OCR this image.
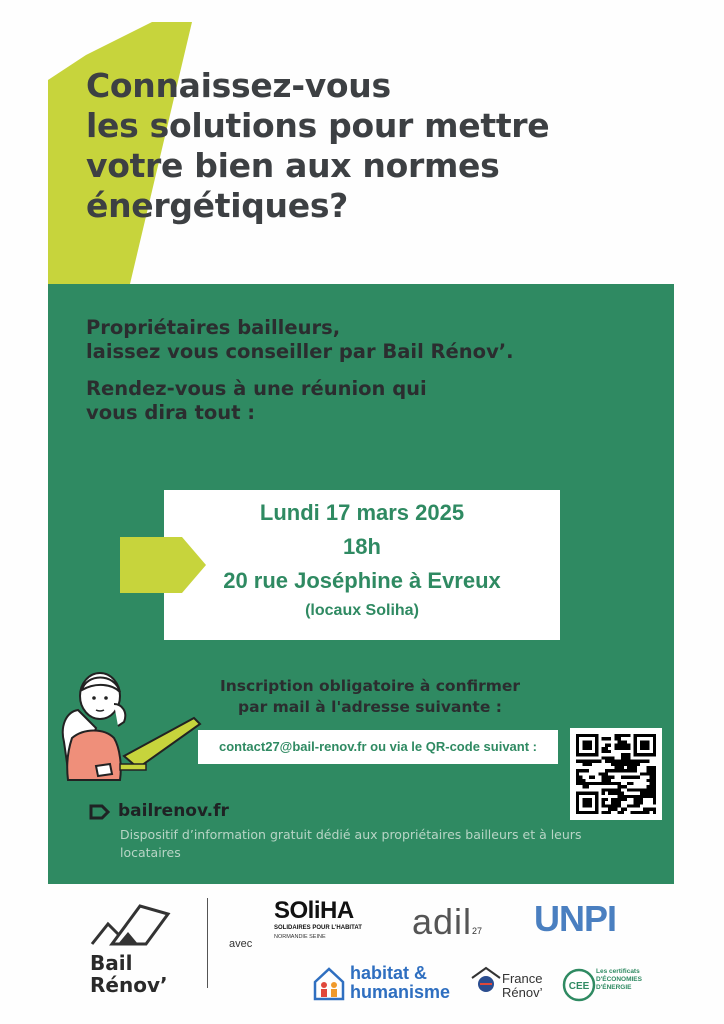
Connaissez-vous
les solutions pour mettre
votre bien aux normes
énergétiques?
Propriétaires bailleurs,
laissez vous conseiller par Bail Rénov’.
Rendez-vous à une réunion qui
vous dira tout :
Lundi 17 mars 2025
18h
20 rue Joséphine à Evreux
(locaux Soliha)
Inscription obligatoire à confirmer
par mail à l'adresse suivante :
contact27@bail-renov.fr ou via le QR-code suivant :
bailrenov.fr
Dispositif d’information gratuit dédié aux propriétaires bailleurs et à leurs locataires
Bail
Rénov’
avec
SOliHA
SOLIDAIRES POUR L'HABITAT
NORMANDIE SEINE	adil27 UNPI
habitat &
humanisme
France
Rénov’	CEE
Les certificats
D'ÉCONOMIES
D'ÉNERGIE
